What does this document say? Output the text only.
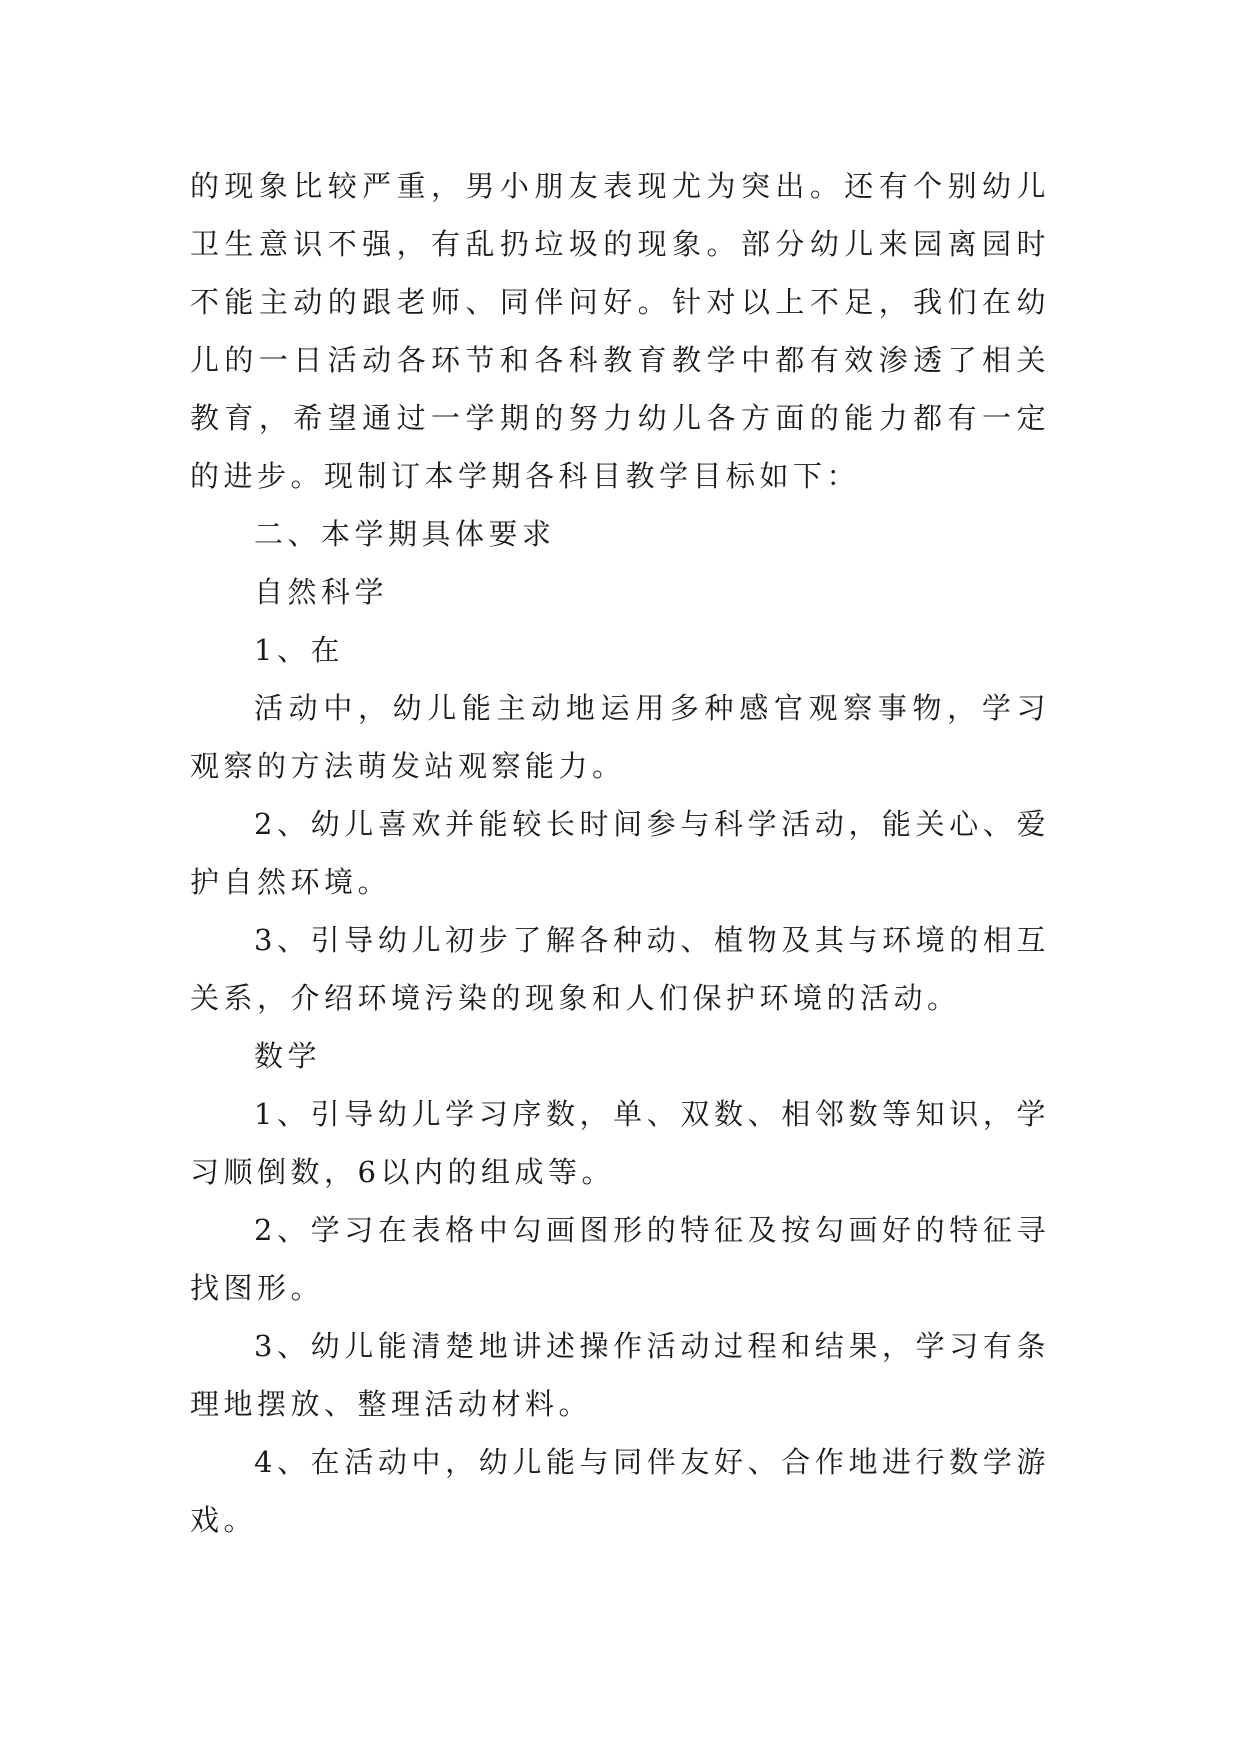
的现象比较严重，男小朋友表现尤为突出。还有个别幼儿卫生意识不强，有乱扔垃圾的现象。部分幼儿来园离园时不能主动的跟老师、同伴问好。针对以上不足，我们在幼儿的一日活动各环节和各科教育教学中都有效渗透了相关教育，希望通过一学期的努力幼儿各方面的能力都有一定的进步。现制订本学期各科目教学目标如下：

二、本学期具体要求

自然科学

1、在

活动中，幼儿能主动地运用多种感官观察事物，学习观察的方法萌发站观察能力。

2、幼儿喜欢并能较长时间参与科学活动，能关心、爱护自然环境。

3、引导幼儿初步了解各种动、植物及其与环境的相互关系，介绍环境污染的现象和人们保护环境的活动。

数学

1、引导幼儿学习序数，单、双数、相邻数等知识，学习顺倒数，6以内的组成等。

2、学习在表格中勾画图形的特征及按勾画好的特征寻找图形。

3、幼儿能清楚地讲述操作活动过程和结果，学习有条理地摆放、整理活动材料。

4、在活动中，幼儿能与同伴友好、合作地进行数学游戏。
